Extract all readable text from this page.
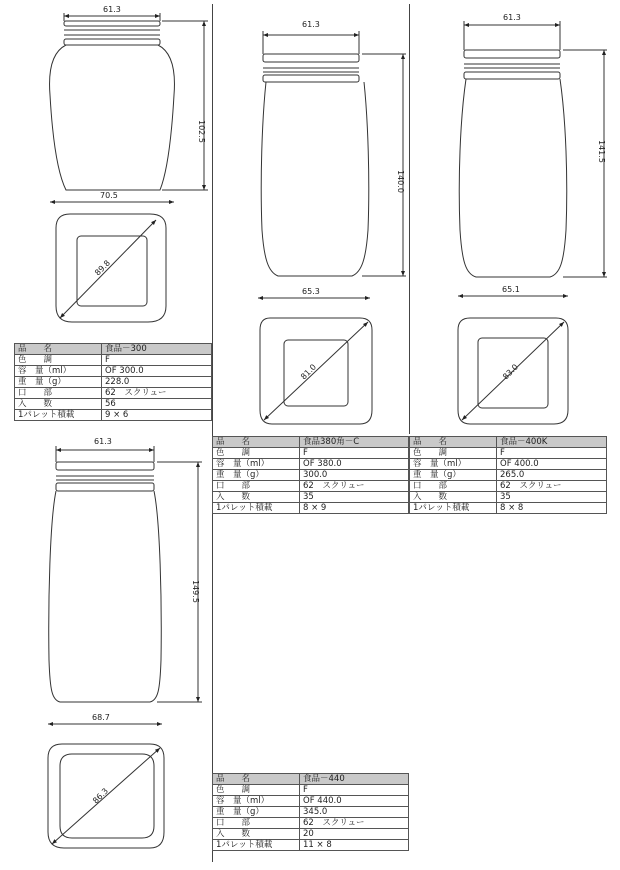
61.3
70.5
102.5
89.8
61.3
65.3
140.0
81.0
61.3
65.1
141.5
83.0
61.3
68.7
149.5
86.3
品　　名	食品－300
色　　調	F
容　量（ml）	OF 300.0
重　量（g）	228.0
口　　部	62　スクリュー
入　　数	56
1パレット積載	9 × 6
品　　名	食品380角－C
色　　調	F
容　量（ml）	OF 380.0
重　量（g）	300.0
口　　部	62　スクリュー
入　　数	35
1パレット積載	8 × 9
品　　名	食品－400K
色　　調	F
容　量（ml）	OF 400.0
重　量（g）	265.0
口　　部	62　スクリュー
入　　数	35
1パレット積載	8 × 8
品　　名	食品－440
色　　調	F
容　量（ml）	OF 440.0
重　量（g）	345.0
口　　部	62　スクリュー
入　　数	20
1パレット積載	11 × 8
